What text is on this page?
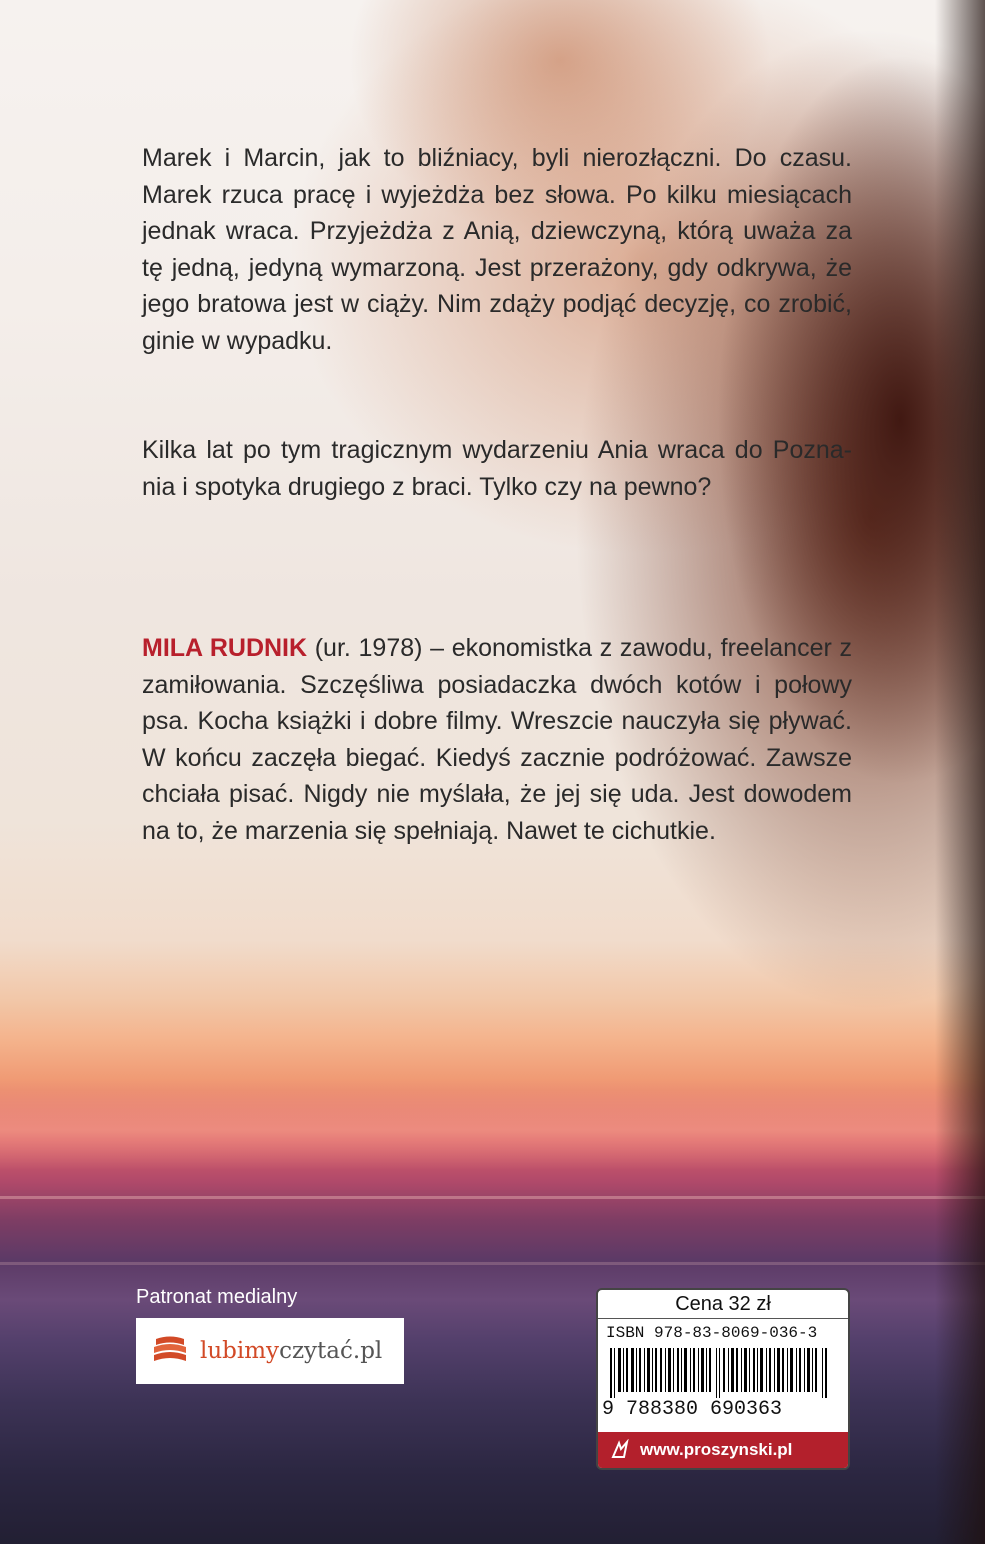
Marek i Marcin, jak to bliźniacy, byli nierozłączni. Do czasu. Marek rzuca pracę i wyjeżdża bez słowa. Po kilku miesiącach jednak wraca. Przyjeżdża z Anią, dziewczyną, którą uważa za tę jedną, jedyną wymarzoną. Jest przerażony, gdy odkrywa, że jego bratowa jest w ciąży. Nim zdąży podjąć decyzję, co zrobić, ginie w wypadku.

Kilka lat po tym tragicznym wydarzeniu Ania wraca do Pozna-nia i spotyka drugiego z braci. Tylko czy na pewno?

MILA RUDNIK (ur. 1978) – ekonomistka z zawodu, freelancer z zamiłowania. Szczęśliwa posiadaczka dwóch kotów i połowy psa. Kocha książki i dobre filmy. Wreszcie nauczyła się pływać. W końcu zaczęła biegać. Kiedyś zacznie podróżować. Zawsze chciała pisać. Nigdy nie myślała, że jej się uda. Jest dowodem na to, że marzenia się spełniają. Nawet te cichutkie.

Patronat medialny
lubimyczytać.pl
Cena 32 zł
ISBN 978-83-8069-036-3
9 788380 690363
www.proszynski.pl
